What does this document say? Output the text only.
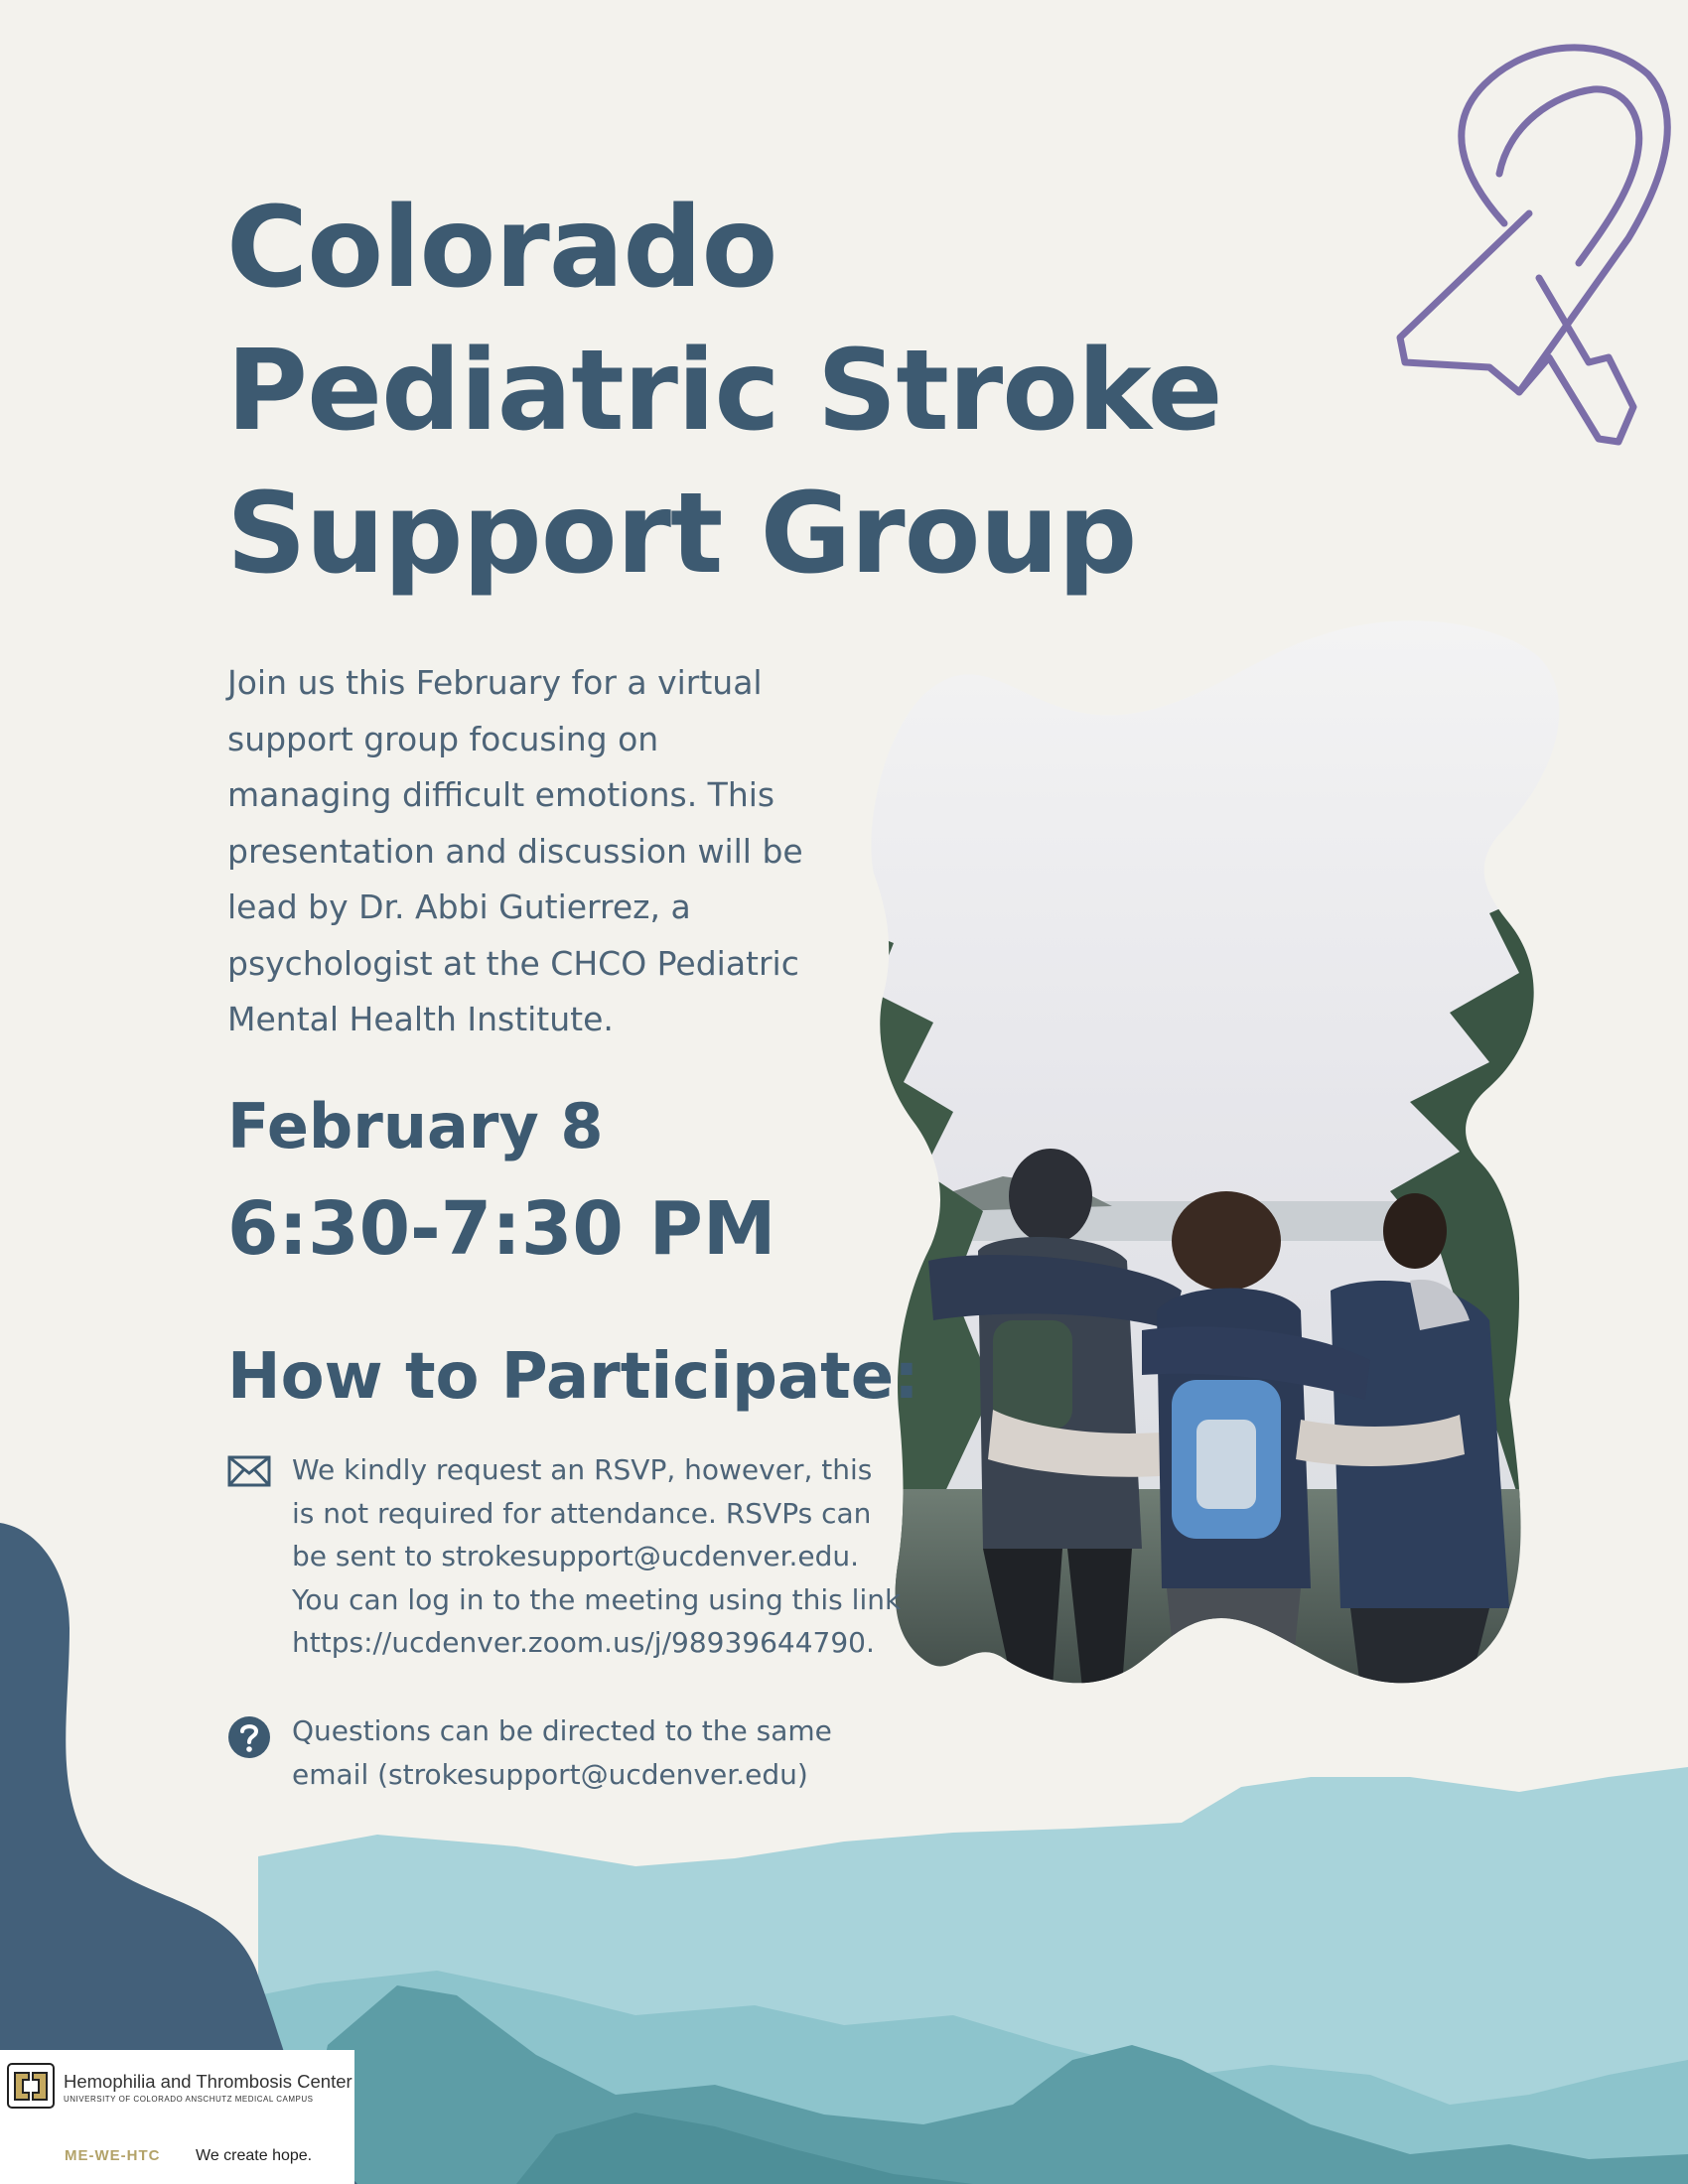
Colorado
Pediatric Stroke
Support Group

Join us this February for a virtual
support group focusing on
managing difficult emotions. This
presentation and discussion will be
lead by Dr. Abbi Gutierrez, a
psychologist at the CHCO Pediatric
Mental Health Institute.

February 8
6:30-7:30 PM
How to Participate:

We kindly request an RSVP, however, this
is not required for attendance. RSVPs can
be sent to strokesupport@ucdenver.edu.
You can log in to the meeting using this link
https://ucdenver.zoom.us/j/98939644790.

Questions can be directed to the same
email (strokesupport@ucdenver.edu)

Hemophilia and Thrombosis Center
UNIVERSITY OF COLORADO ANSCHUTZ MEDICAL CAMPUS
ME-WE-HTC We create hope.
